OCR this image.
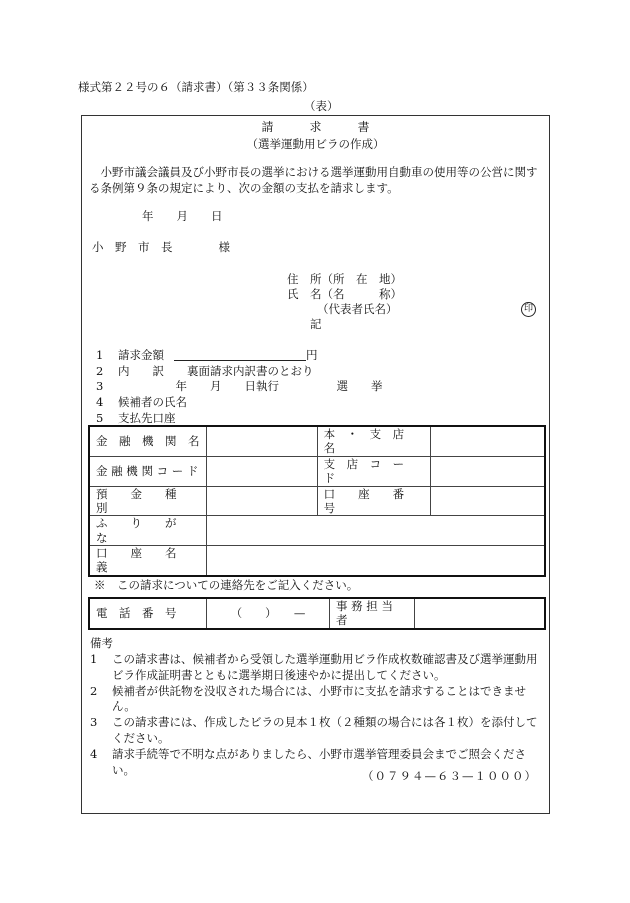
様式第２２号の６（請求書）（第３３条関係）
（表）
請　　　求　　　書
（選挙運動用ビラの作成）
小野市議会議員及び小野市長の選挙における選挙運動用自動車の使用等の公営に関する条例第９条の規定により、次の金額の支払を請求します。
年　　月　　日
小　野　市　長　　　　様
住　所（所　在　地）
氏　名（名　　　称）
（代表者氏名）	印
記
1	請求金額	円
2	内　　訳　　裏面請求内訳書のとおり
3	　　　　　年　　月　　日執行　　　　　選　　挙
4	候補者の氏名
5	支払先口座
金　融　機　関　名		本　・　支　店　名	
金 融 機 関 コ ー ド		支　店　コ　ー　ド	
預　　金　　種　　別		口　　座　　番　　号	
ふ　　り　　が　　な			
口　　座　　名　　義			
※　この請求についての連絡先をご記入ください。
電　話　番　号	（　　）　　—	事 務 担 当 者	
備考
1	この請求書は、候補者から受領した選挙運動用ビラ作成枚数確認書及び選挙運動用ビラ作成証明書とともに選挙期日後速やかに提出してください。
2	候補者が供託物を没収された場合には、小野市に支払を請求することはできません。
3	この請求書には、作成したビラの見本１枚（２種類の場合には各１枚）を添付してください。
4	請求手続等で不明な点がありましたら、小野市選挙管理委員会までご照会ください。	（０７９４—６３—１０００）
